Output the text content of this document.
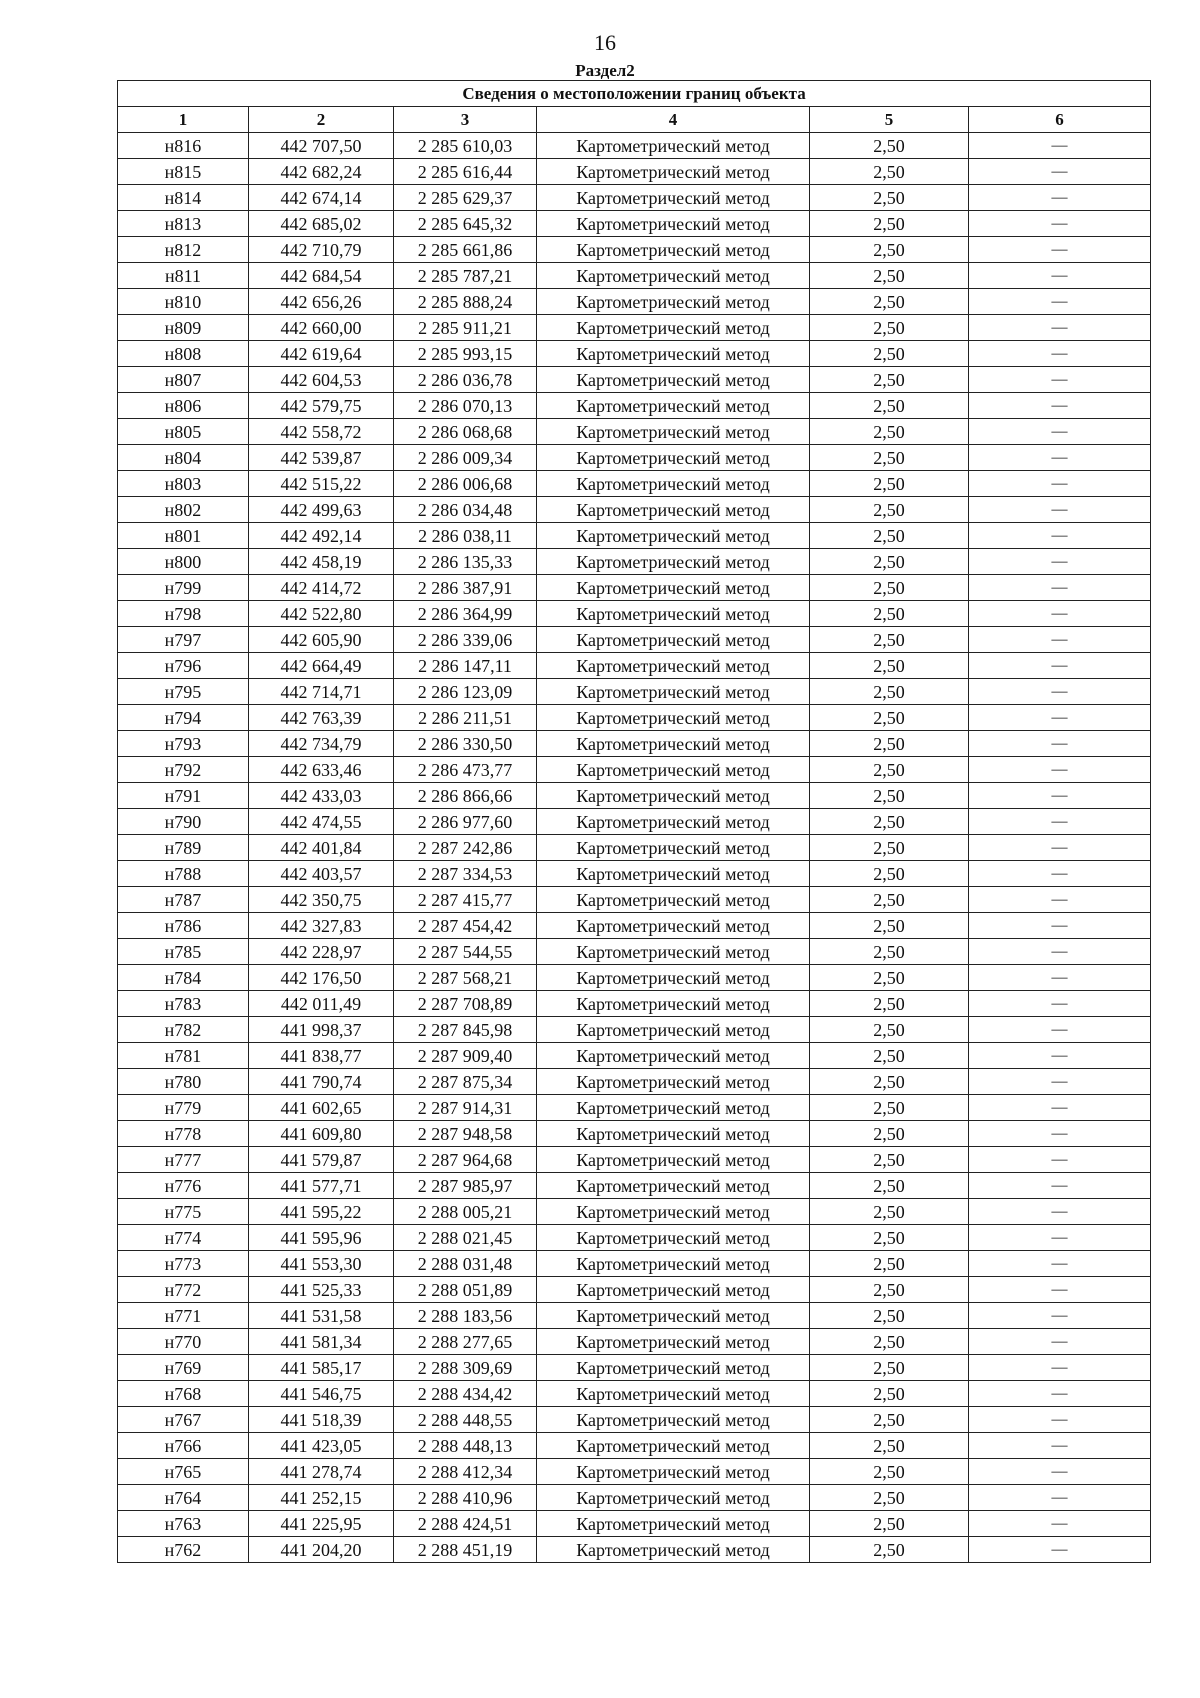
16
Раздел2
Сведения о местоположении границ объекта					
1	2	3	4	5	6
н816	442 707,50	2 285 610,03	Картометрический метод	2,50	—
н815	442 682,24	2 285 616,44	Картометрический метод	2,50	—
н814	442 674,14	2 285 629,37	Картометрический метод	2,50	—
н813	442 685,02	2 285 645,32	Картометрический метод	2,50	—
н812	442 710,79	2 285 661,86	Картометрический метод	2,50	—
н811	442 684,54	2 285 787,21	Картометрический метод	2,50	—
н810	442 656,26	2 285 888,24	Картометрический метод	2,50	—
н809	442 660,00	2 285 911,21	Картометрический метод	2,50	—
н808	442 619,64	2 285 993,15	Картометрический метод	2,50	—
н807	442 604,53	2 286 036,78	Картометрический метод	2,50	—
н806	442 579,75	2 286 070,13	Картометрический метод	2,50	—
н805	442 558,72	2 286 068,68	Картометрический метод	2,50	—
н804	442 539,87	2 286 009,34	Картометрический метод	2,50	—
н803	442 515,22	2 286 006,68	Картометрический метод	2,50	—
н802	442 499,63	2 286 034,48	Картометрический метод	2,50	—
н801	442 492,14	2 286 038,11	Картометрический метод	2,50	—
н800	442 458,19	2 286 135,33	Картометрический метод	2,50	—
н799	442 414,72	2 286 387,91	Картометрический метод	2,50	—
н798	442 522,80	2 286 364,99	Картометрический метод	2,50	—
н797	442 605,90	2 286 339,06	Картометрический метод	2,50	—
н796	442 664,49	2 286 147,11	Картометрический метод	2,50	—
н795	442 714,71	2 286 123,09	Картометрический метод	2,50	—
н794	442 763,39	2 286 211,51	Картометрический метод	2,50	—
н793	442 734,79	2 286 330,50	Картометрический метод	2,50	—
н792	442 633,46	2 286 473,77	Картометрический метод	2,50	—
н791	442 433,03	2 286 866,66	Картометрический метод	2,50	—
н790	442 474,55	2 286 977,60	Картометрический метод	2,50	—
н789	442 401,84	2 287 242,86	Картометрический метод	2,50	—
н788	442 403,57	2 287 334,53	Картометрический метод	2,50	—
н787	442 350,75	2 287 415,77	Картометрический метод	2,50	—
н786	442 327,83	2 287 454,42	Картометрический метод	2,50	—
н785	442 228,97	2 287 544,55	Картометрический метод	2,50	—
н784	442 176,50	2 287 568,21	Картометрический метод	2,50	—
н783	442 011,49	2 287 708,89	Картометрический метод	2,50	—
н782	441 998,37	2 287 845,98	Картометрический метод	2,50	—
н781	441 838,77	2 287 909,40	Картометрический метод	2,50	—
н780	441 790,74	2 287 875,34	Картометрический метод	2,50	—
н779	441 602,65	2 287 914,31	Картометрический метод	2,50	—
н778	441 609,80	2 287 948,58	Картометрический метод	2,50	—
н777	441 579,87	2 287 964,68	Картометрический метод	2,50	—
н776	441 577,71	2 287 985,97	Картометрический метод	2,50	—
н775	441 595,22	2 288 005,21	Картометрический метод	2,50	—
н774	441 595,96	2 288 021,45	Картометрический метод	2,50	—
н773	441 553,30	2 288 031,48	Картометрический метод	2,50	—
н772	441 525,33	2 288 051,89	Картометрический метод	2,50	—
н771	441 531,58	2 288 183,56	Картометрический метод	2,50	—
н770	441 581,34	2 288 277,65	Картометрический метод	2,50	—
н769	441 585,17	2 288 309,69	Картометрический метод	2,50	—
н768	441 546,75	2 288 434,42	Картометрический метод	2,50	—
н767	441 518,39	2 288 448,55	Картометрический метод	2,50	—
н766	441 423,05	2 288 448,13	Картометрический метод	2,50	—
н765	441 278,74	2 288 412,34	Картометрический метод	2,50	—
н764	441 252,15	2 288 410,96	Картометрический метод	2,50	—
н763	441 225,95	2 288 424,51	Картометрический метод	2,50	—
н762	441 204,20	2 288 451,19	Картометрический метод	2,50	—
